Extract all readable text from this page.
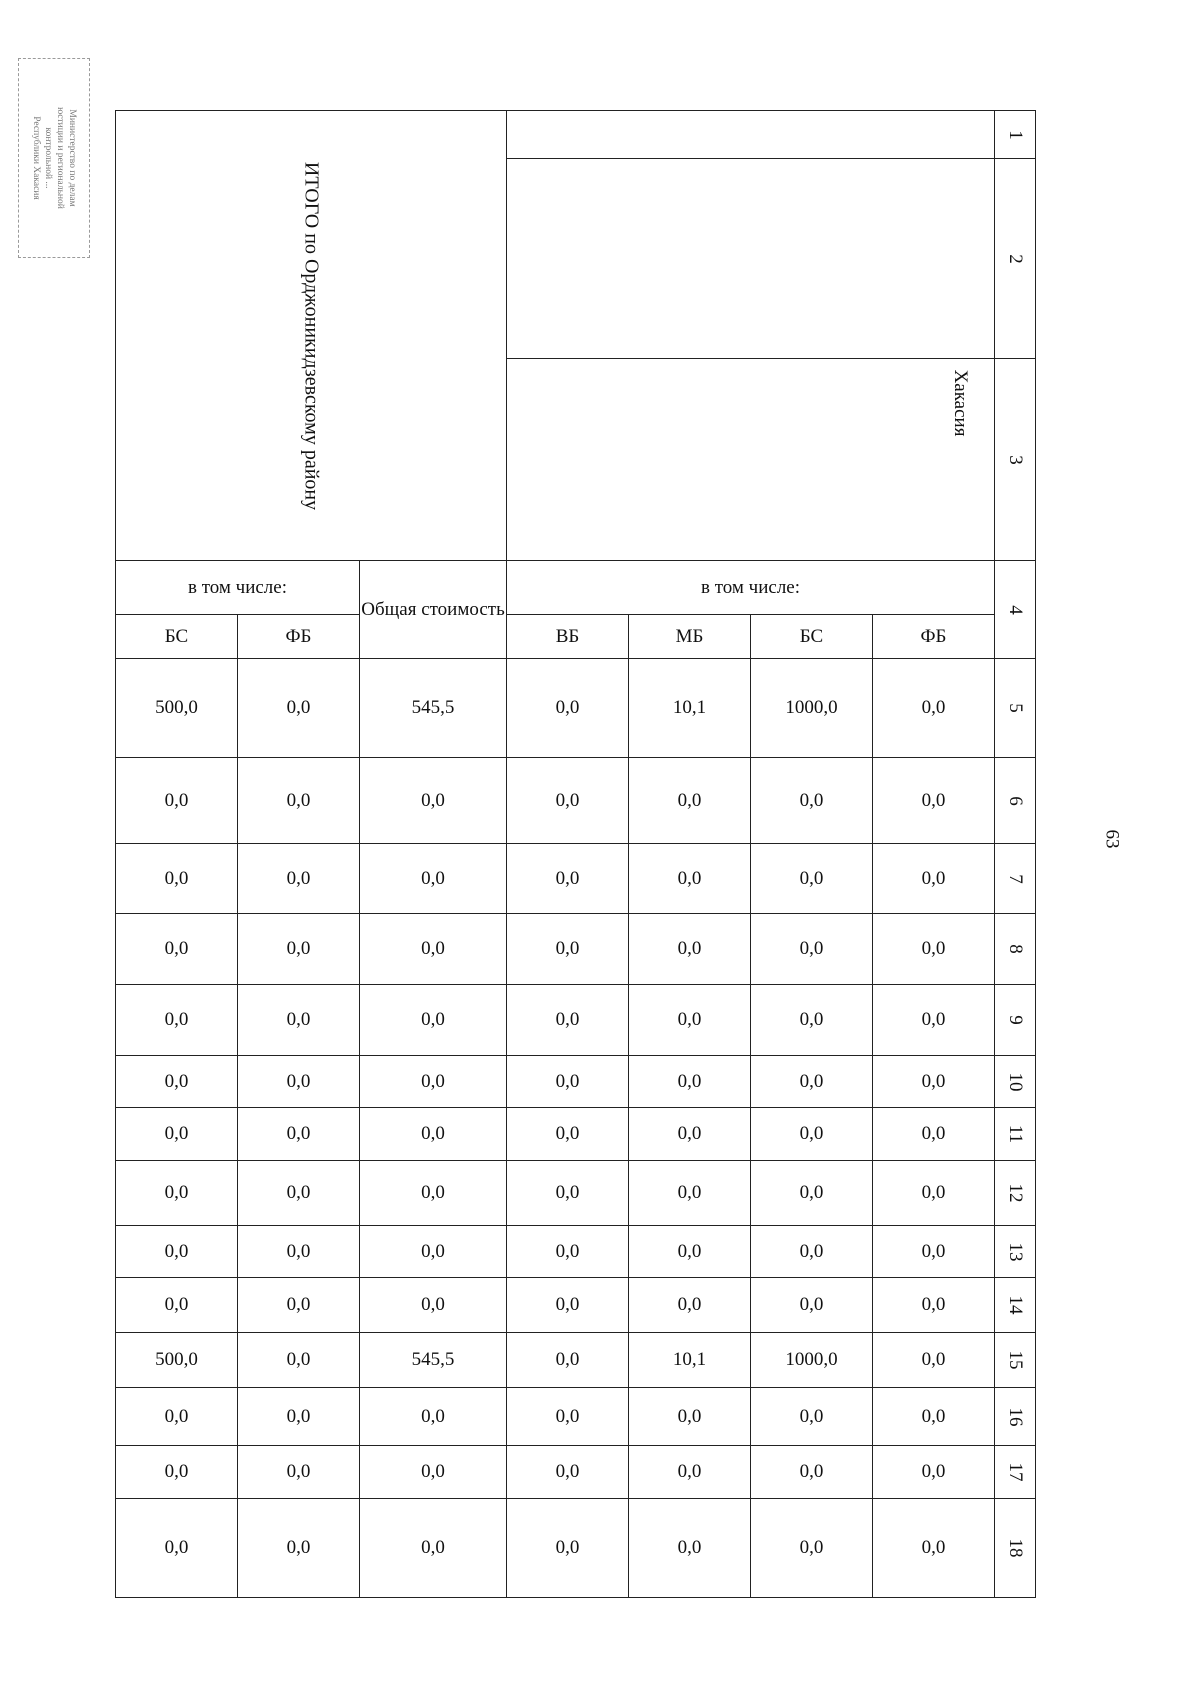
Министерство по делам
юстиции и региональной
контрольной ...
Республики Хакасия
ИТОГО по Орджоникидзевскому району							1

							2

			Хакасия				3

в том числе:		Общая стоимость	в том числе:				4

БС	ФБ		ВБ	МБ	БС	ФБ	
500,0	0,0	545,5	0,0	10,1	1000,0	0,0	5

0,0	0,0	0,0	0,0	0,0	0,0	0,0	6

0,0	0,0	0,0	0,0	0,0	0,0	0,0	7

0,0	0,0	0,0	0,0	0,0	0,0	0,0	8

0,0	0,0	0,0	0,0	0,0	0,0	0,0	9

0,0	0,0	0,0	0,0	0,0	0,0	0,0	10

0,0	0,0	0,0	0,0	0,0	0,0	0,0	11

0,0	0,0	0,0	0,0	0,0	0,0	0,0	12

0,0	0,0	0,0	0,0	0,0	0,0	0,0	13

0,0	0,0	0,0	0,0	0,0	0,0	0,0	14

500,0	0,0	545,5	0,0	10,1	1000,0	0,0	15

0,0	0,0	0,0	0,0	0,0	0,0	0,0	16

0,0	0,0	0,0	0,0	0,0	0,0	0,0	17

0,0	0,0	0,0	0,0	0,0	0,0	0,0	18
63
